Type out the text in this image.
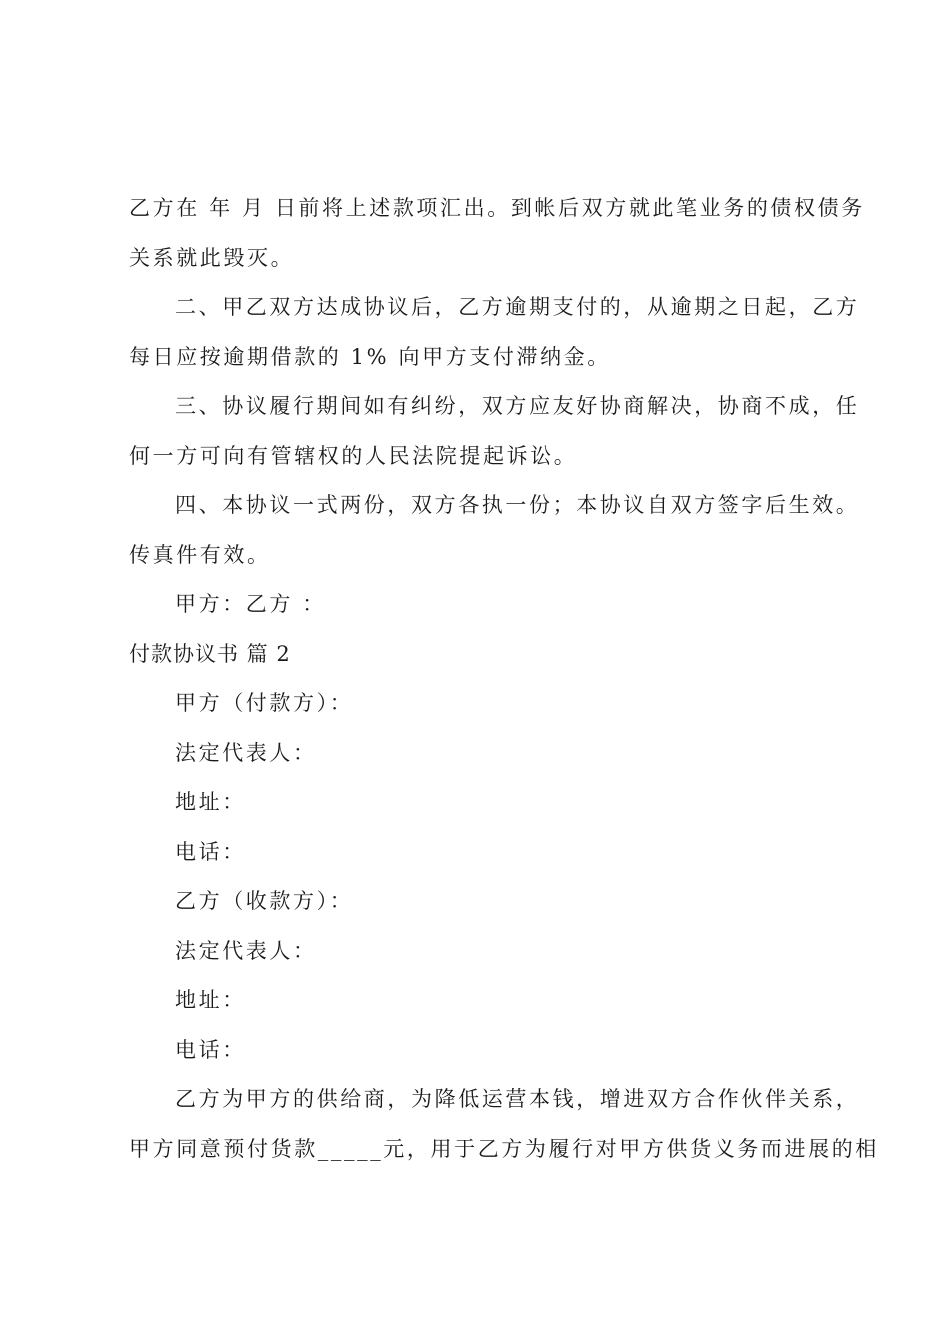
乙方在 年 月 日前将上述款项汇出。到帐后双方就此笔业务的债权债务

关系就此毁灭。

二、甲乙双方达成协议后，乙方逾期支付的，从逾期之日起，乙方

每日应按逾期借款的 1% 向甲方支付滞纳金。

三、协议履行期间如有纠纷，双方应友好协商解决，协商不成，任

何一方可向有管辖权的人民法院提起诉讼。

四、本协议一式两份，双方各执一份；本协议自双方签字后生效。

传真件有效。

甲方：乙方 ：

付款协议书 篇 2

甲方（付款方）：

法定代表人：

地址：

电话：

乙方（收款方）：

法定代表人：

地址：

电话：

乙方为甲方的供给商，为降低运营本钱，增进双方合作伙伴关系，

甲方同意预付货款_____元，用于乙方为履行对甲方供货义务而进展的相
